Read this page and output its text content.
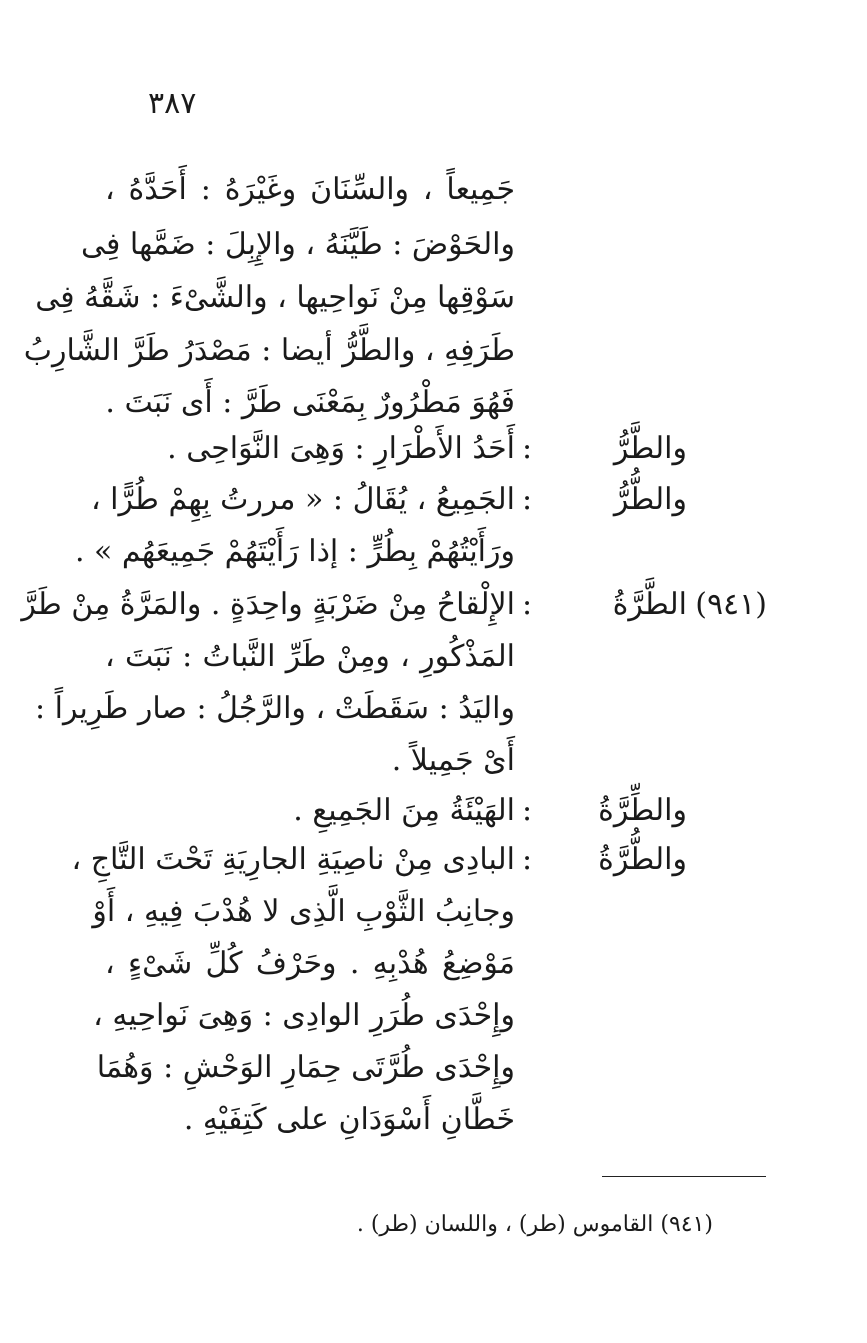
٣٨٧
جَمِيعاً ، والسِّنَانَ وغَيْرَهُ : أَحَدَّهُ ،
والحَوْضَ : طَيَّنَهُ ، والإِبِلَ : ضَمَّها فِى
سَوْقِها مِنْ نَواحِيها ، والشَّىْءَ : شَقَّهُ فِى
طَرَفِهِ ، والطَّرُّ أيضا : مَصْدَرُ طَرَّ الشَّارِبُ
فَهُوَ مَطْرُورٌ بِمَعْنَى طَرَّ : أَى نَبَتَ .
والطَّرُّ
:
أَحَدُ الأَطْرَارِ : وَهِىَ النَّوَاحِى .
والطُّرُّ
:
الجَمِيعُ ، يُقَالُ : « مررتُ بِهِمْ طُرًّا ،
ورَأَيْتُهُمْ بِطُرٍّ : إذا رَأَيْتَهُمْ جَمِيعَهُم » .
(٩٤١)
الطَّرَّةُ
:
الإِلْقاحُ مِنْ ضَرْبَةٍ واحِدَةٍ . والمَرَّةُ مِنْ طَرَّ
المَذْكُورِ ، ومِنْ طَرِّ النَّباتُ : نَبَتَ ،
واليَدُ : سَقَطَتْ ، والرَّجُلُ : صار طَرِيراً :
أَىْ جَمِيلاً .
والطِّرَّةُ
:
الهَيْئَةُ مِنَ الجَمِيعِ .
والطُّرَّةُ
:
البادِى مِنْ ناصِيَةِ الجارِيَةِ تَحْتَ التَّاجِ ،
وجانِبُ الثَّوْبِ الَّذِى لا هُدْبَ فِيهِ ، أَوْ
مَوْضِعُ هُدْبِهِ . وحَرْفُ كُلِّ شَىْءٍ ،
وإِحْدَى طُرَرِ الوادِى : وَهِىَ نَواحِيهِ ،
وإِحْدَى طُرَّتَى حِمَارِ الوَحْشِ : وَهُمَا
خَطَّانِ أَسْوَدَانِ على كَتِفَيْهِ .
(٩٤١) القاموس (طر) ، واللسان (طر) .
